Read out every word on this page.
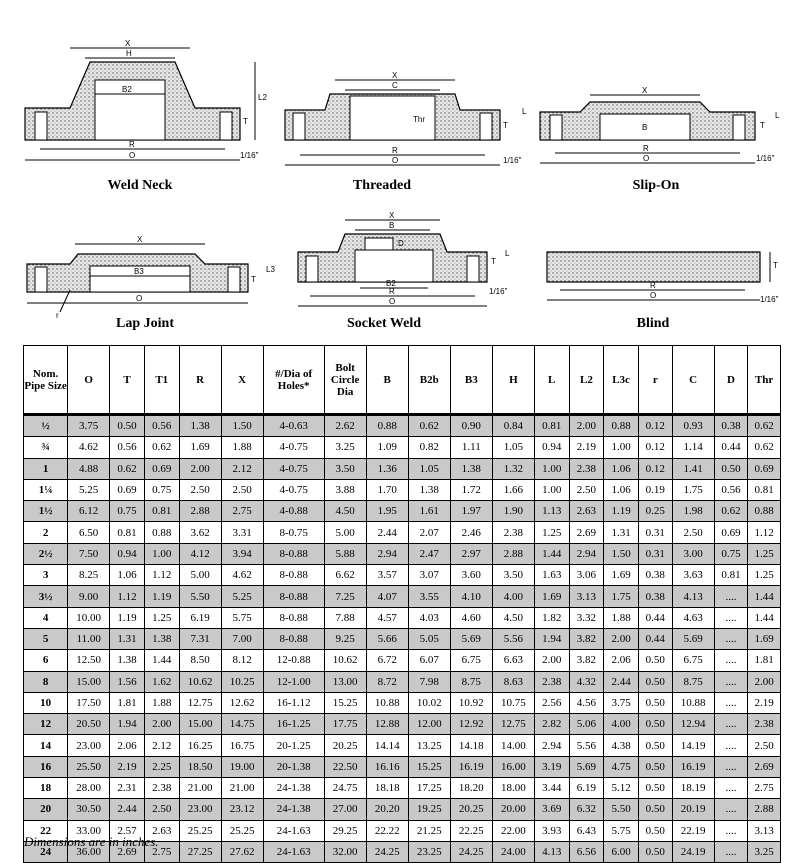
X
H
B2
L2
T
R
O	1/16"
X
C
Thr
L
T
R
O	1/16"
X
B	T
L
R
O	1/16"
X
B3	L3
T
O
r
X
B
D
T
L
B2
R
O
1/16"
T
R
O	1/16"
Weld Neck	Threaded	Slip-On
Lap Joint	Socket Weld	Blind
Nom. Pipe Size	O	T	T1	R	X	#/Dia of Holes*	Bolt Circle Dia	B	B2b	B3	H	L	L2	L3c	r	C	D	Thr
½	3.75	0.50	0.56	1.38	1.50	4-0.63	2.62	0.88	0.62	0.90	0.84	0.81	2.00	0.88	0.12	0.93	0.38	0.62
¾	4.62	0.56	0.62	1.69	1.88	4-0.75	3.25	1.09	0.82	1.11	1.05	0.94	2.19	1.00	0.12	1.14	0.44	0.62
1	4.88	0.62	0.69	2.00	2.12	4-0.75	3.50	1.36	1.05	1.38	1.32	1.00	2.38	1.06	0.12	1.41	0.50	0.69
1¼	5.25	0.69	0.75	2.50	2.50	4-0.75	3.88	1.70	1.38	1.72	1.66	1.00	2.50	1.06	0.19	1.75	0.56	0.81
1½	6.12	0.75	0.81	2.88	2.75	4-0.88	4.50	1.95	1.61	1.97	1.90	1.13	2.63	1.19	0.25	1.98	0.62	0.88
2	6.50	0.81	0.88	3.62	3.31	8-0.75	5.00	2.44	2.07	2.46	2.38	1.25	2.69	1.31	0.31	2.50	0.69	1.12
2½	7.50	0.94	1.00	4.12	3.94	8-0.88	5.88	2.94	2.47	2.97	2.88	1.44	2.94	1.50	0.31	3.00	0.75	1.25
3	8.25	1.06	1.12	5.00	4.62	8-0.88	6.62	3.57	3.07	3.60	3.50	1.63	3.06	1.69	0.38	3.63	0.81	1.25
3½	9.00	1.12	1.19	5.50	5.25	8-0.88	7.25	4.07	3.55	4.10	4.00	1.69	3.13	1.75	0.38	4.13	....	1.44
4	10.00	1.19	1.25	6.19	5.75	8-0.88	7.88	4.57	4.03	4.60	4.50	1.82	3.32	1.88	0.44	4.63	....	1.44
5	11.00	1.31	1.38	7.31	7.00	8-0.88	9.25	5.66	5.05	5.69	5.56	1.94	3.82	2.00	0.44	5.69	....	1.69
6	12.50	1.38	1.44	8.50	8.12	12-0.88	10.62	6.72	6.07	6.75	6.63	2.00	3.82	2.06	0.50	6.75	....	1.81
8	15.00	1.56	1.62	10.62	10.25	12-1.00	13.00	8.72	7.98	8.75	8.63	2.38	4.32	2.44	0.50	8.75	....	2.00
10	17.50	1.81	1.88	12.75	12.62	16-1.12	15.25	10.88	10.02	10.92	10.75	2.56	4.56	3.75	0.50	10.88	....	2.19
12	20.50	1.94	2.00	15.00	14.75	16-1.25	17.75	12.88	12.00	12.92	12.75	2.82	5.06	4.00	0.50	12.94	....	2.38
14	23.00	2.06	2.12	16.25	16.75	20-1.25	20.25	14.14	13.25	14.18	14.00	2.94	5.56	4.38	0.50	14.19	....	2.50
16	25.50	2.19	2.25	18.50	19.00	20-1.38	22.50	16.16	15.25	16.19	16.00	3.19	5.69	4.75	0.50	16.19	....	2.69
18	28.00	2.31	2.38	21.00	21.00	24-1.38	24.75	18.18	17.25	18.20	18.00	3.44	6.19	5.12	0.50	18.19	....	2.75
20	30.50	2.44	2.50	23.00	23.12	24-1.38	27.00	20.20	19.25	20.25	20.00	3.69	6.32	5.50	0.50	20.19	....	2.88
22	33.00	2.57	2.63	25.25	25.25	24-1.63	29.25	22.22	21.25	22.25	22.00	3.93	6.43	5.75	0.50	22.19	....	3.13
24	36.00	2.69	2.75	27.25	27.62	24-1.63	32.00	24.25	23.25	24.25	24.00	4.13	6.56	6.00	0.50	24.19	....	3.25
Dimensions are in inches.
